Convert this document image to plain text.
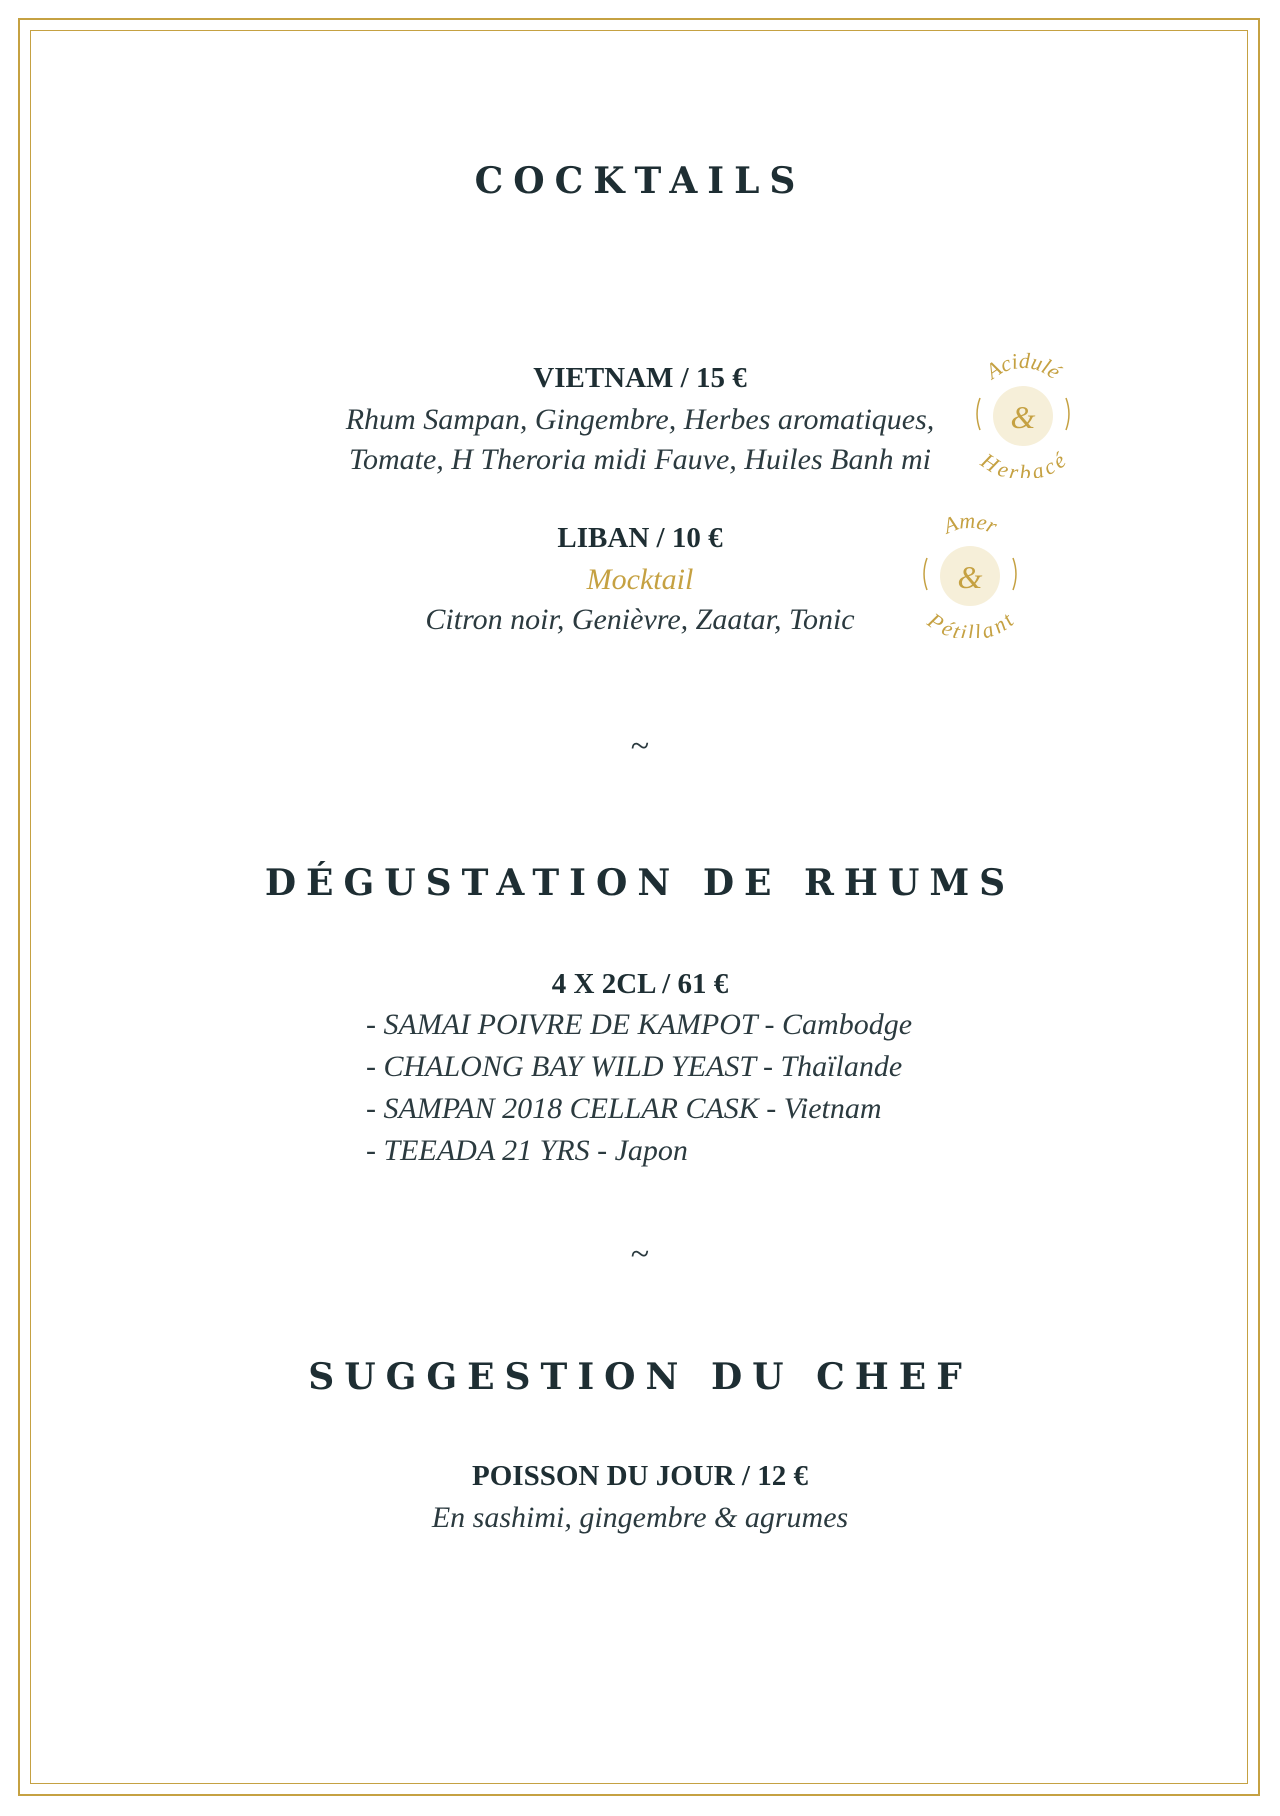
COCKTAILS
VIETNAM / 15 €
Rhum Sampan, Gingembre, Herbes aromatiques,
Tomate, H Theroria midi Fauve, Huiles Banh mi
&
Acidulé
Herbacé
LIBAN / 10 €
Mocktail
Citron noir, Genièvre, Zaatar, Tonic
&
Amer
Pétillant
~
DÉGUSTATION DE RHUMS
4 X 2CL / 61 €
- SAMAI POIVRE DE KAMPOT - Cambodge
- CHALONG BAY WILD YEAST - Thaïlande
- SAMPAN 2018 CELLAR CASK - Vietnam
- TEEADA 21 YRS - Japon
~
SUGGESTION DU CHEF
POISSON DU JOUR / 12 €
En sashimi, gingembre & agrumes
